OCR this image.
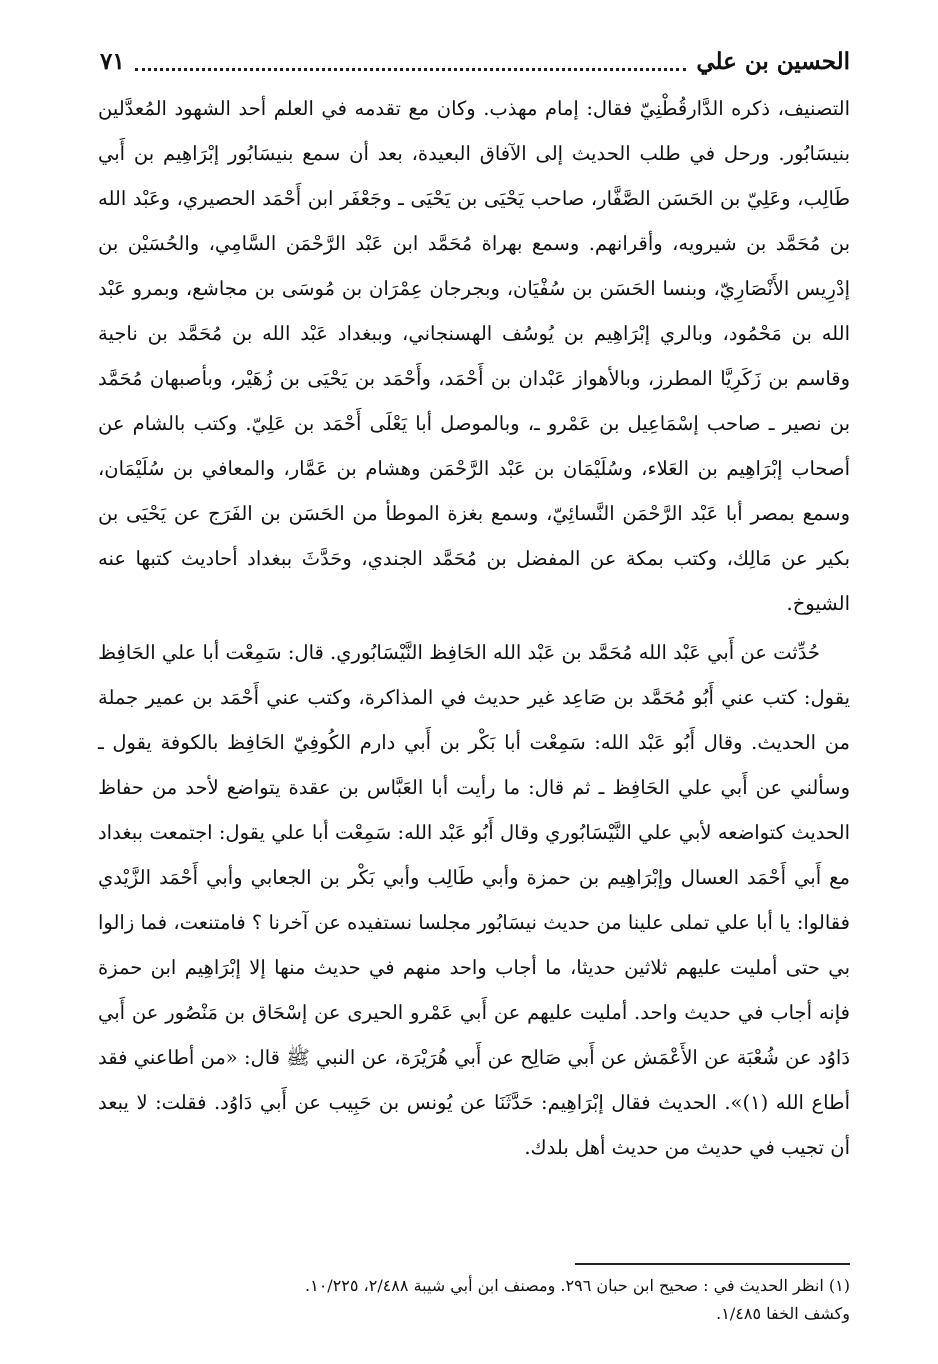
الحسين بن علي
٧١

التصنيف، ذكره الدَّارقُطْنِيّ فقال: إمام مهذب. وكان مع تقدمه في العلم أحد الشهود المُعدَّلين بنيسَابُور. ورحل في طلب الحديث إلى الآفاق البعيدة، بعد أن سمع بنيسَابُور إبْرَاهِيم بن أَبي طَالِب، وعَلِيّ بن الحَسَن الصَّفَّار، صاحب يَحْيَى بن يَحْيَى ـ وجَعْفَر ابن أَحْمَد الحصيري، وعَبْد الله بن مُحَمَّد بن شيرويه، وأقرانهم. وسمع بهراة مُحَمَّد ابن عَبْد الرَّحْمَن السَّامِي، والحُسَيْن بن إدْرِيس الأَنْصَارِيّ، وبنسا الحَسَن بن سُفْيَان، وبجرجان عِمْرَان بن مُوسَى بن مجاشع، وبمرو عَبْد الله بن مَحْمُود، وبالري إبْرَاهِيم بن يُوسُف الهسنجاني، وببغداد عَبْد الله بن مُحَمَّد بن ناجية وقاسم بن زَكَرِيَّا المطرز، وبالأهواز عَبْدان بن أَحْمَد، وأَحْمَد بن يَحْيَى بن زُهَيْر، وبأصبهان مُحَمَّد بن نصير ـ صاحب إسْمَاعِيل بن عَمْرو ـ، وبالموصل أبا يَعْلَى أَحْمَد بن عَلِيّ. وكتب بالشام عن أصحاب إبْرَاهِيم بن العَلاء، وسُلَيْمَان بن عَبْد الرَّحْمَن وهشام بن عَمَّار، والمعافي بن سُلَيْمَان، وسمع بمصر أبا عَبْد الرَّحْمَن النَّسائِيّ، وسمع بغزة الموطأ من الحَسَن بن الفَرَج عن يَحْيَى بن بكير عن مَالِك، وكتب بمكة عن المفضل بن مُحَمَّد الجندي، وحَدَّثَ ببغداد أحاديث كتبها عنه الشيوخ.

حُدِّثت عن أَبي عَبْد الله مُحَمَّد بن عَبْد الله الحَافِظ النَّيْسَابُوري. قال: سَمِعْت أبا علي الحَافِظ يقول: كتب عني أَبُو مُحَمَّد بن صَاعِد غير حديث في المذاكرة، وكتب عني أَحْمَد بن عمير جملة من الحديث. وقال أَبُو عَبْد الله: سَمِعْت أبا بَكْر بن أَبي دارم الكُوفِيّ الحَافِظ بالكوفة يقول ـ وسألني عن أَبي علي الحَافِظ ـ ثم قال: ما رأيت أبا العَبَّاس بن عقدة يتواضع لأحد من حفاظ الحديث كتواضعه لأبي علي النَّيْسَابُوري وقال أَبُو عَبْد الله: سَمِعْت أبا علي يقول: اجتمعت ببغداد مع أَبي أَحْمَد العسال وإبْرَاهِيم بن حمزة وأبي طَالِب وأبي بَكْر بن الجعابي وأبي أَحْمَد الزَّيْدي فقالوا: يا أبا علي تملى علينا من حديث نيسَابُور مجلسا نستفيده عن آخرنا ؟ فامتنعت، فما زالوا بي حتى أمليت عليهم ثلاثين حديثا، ما أجاب واحد منهم في حديث منها إلا إبْرَاهِيم ابن حمزة فإنه أجاب في حديث واحد. أمليت عليهم عن أَبي عَمْرو الحيرى عن إسْحَاق بن مَنْصُور عن أَبي دَاوُد عن شُعْبَة عن الأَعْمَش عن أَبي صَالِح عن أَبي هُرَيْرَة، عن النبي ﷺ قال: «من أطاعني فقد أطاع الله (١)». الحديث فقال إبْرَاهِيم: حَدَّثَنَا عن يُونس بن حَبِيب عن أَبي دَاوُد. فقلت: لا يبعد أن تجيب في حديث من حديث أهل بلدك.

(١) انظر الحديث في : صحيح ابن حبان ٢٩٦. ومصنف ابن أبي شيبة ٢/٤٨٨، ١٠/٢٢٥.

وكشف الخفا ١/٤٨٥.
